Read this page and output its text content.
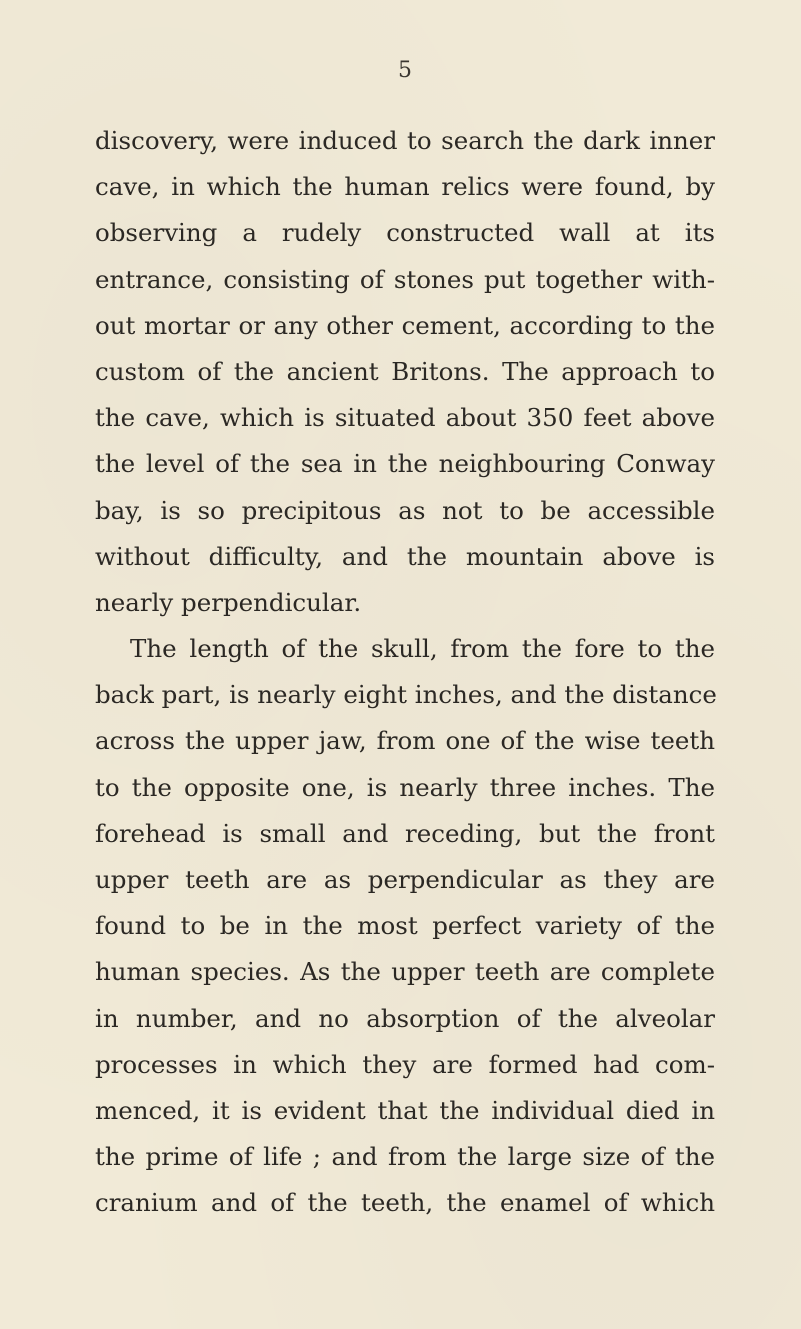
5
discovery, were induced to search the dark inner
cave, in which the human relics were found, by
observing a rudely constructed wall at its
entrance, consisting of stones put together with-
out mortar or any other cement, according to the
custom of the ancient Britons. The approach to
the cave, which is situated about 350 feet above
the level of the sea in the neighbouring Conway
bay, is so precipitous as not to be accessible
without difficulty, and the mountain above is
nearly perpendicular.
The length of the skull, from the fore to the
back part, is nearly eight inches, and the distance
across the upper jaw, from one of the wise teeth
to the opposite one, is nearly three inches. The
forehead is small and receding, but the front
upper teeth are as perpendicular as they are
found to be in the most perfect variety of the
human species. As the upper teeth are complete
in number, and no absorption of the alveolar
processes in which they are formed had com-
menced, it is evident that the individual died in
the prime of life ; and from the large size of the
cranium and of the teeth, the enamel of which
